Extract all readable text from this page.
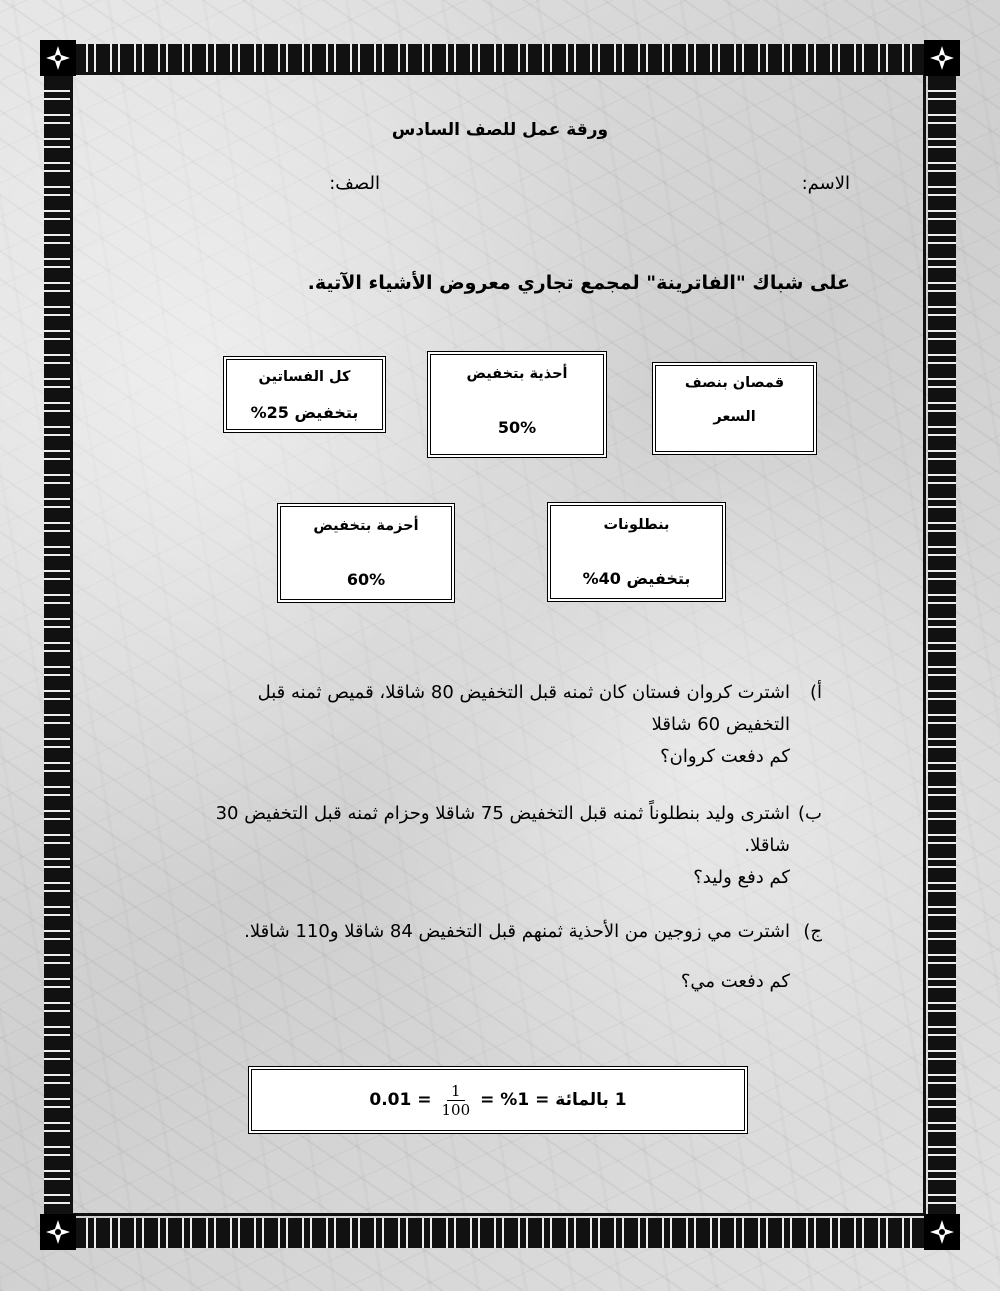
ورقة عمل للصف السادس
الاسم:
الصف:
على شباك "الفاترينة" لمجمع تجاري معروض الأشياء الآتية.
قمصان بنصف
السعر
أحذية بتخفيض
50%
كل الفساتين
بتخفيض 25%
بنطلونات
بتخفيض 40%
أحزمة بتخفيض
60%
أ)
اشترت كروان فستان كان ثمنه قبل التخفيض 80 شاقلا، قميص ثمنه قبل
التخفيض 60 شاقلا
كم دفعت كروان؟
ب)
اشترى وليد بنطلوناً ثمنه قبل التخفيض 75 شاقلا وحزام ثمنه قبل التخفيض 30
شاقلا.
كم دفع وليد؟
ج)
اشترت مي زوجين من الأحذية ثمنهم قبل التخفيض 84 شاقلا و110 شاقلا.
كم دفعت مي؟
1 بالمائة = 1% =
$\frac{1}{100}$
= 0.01
